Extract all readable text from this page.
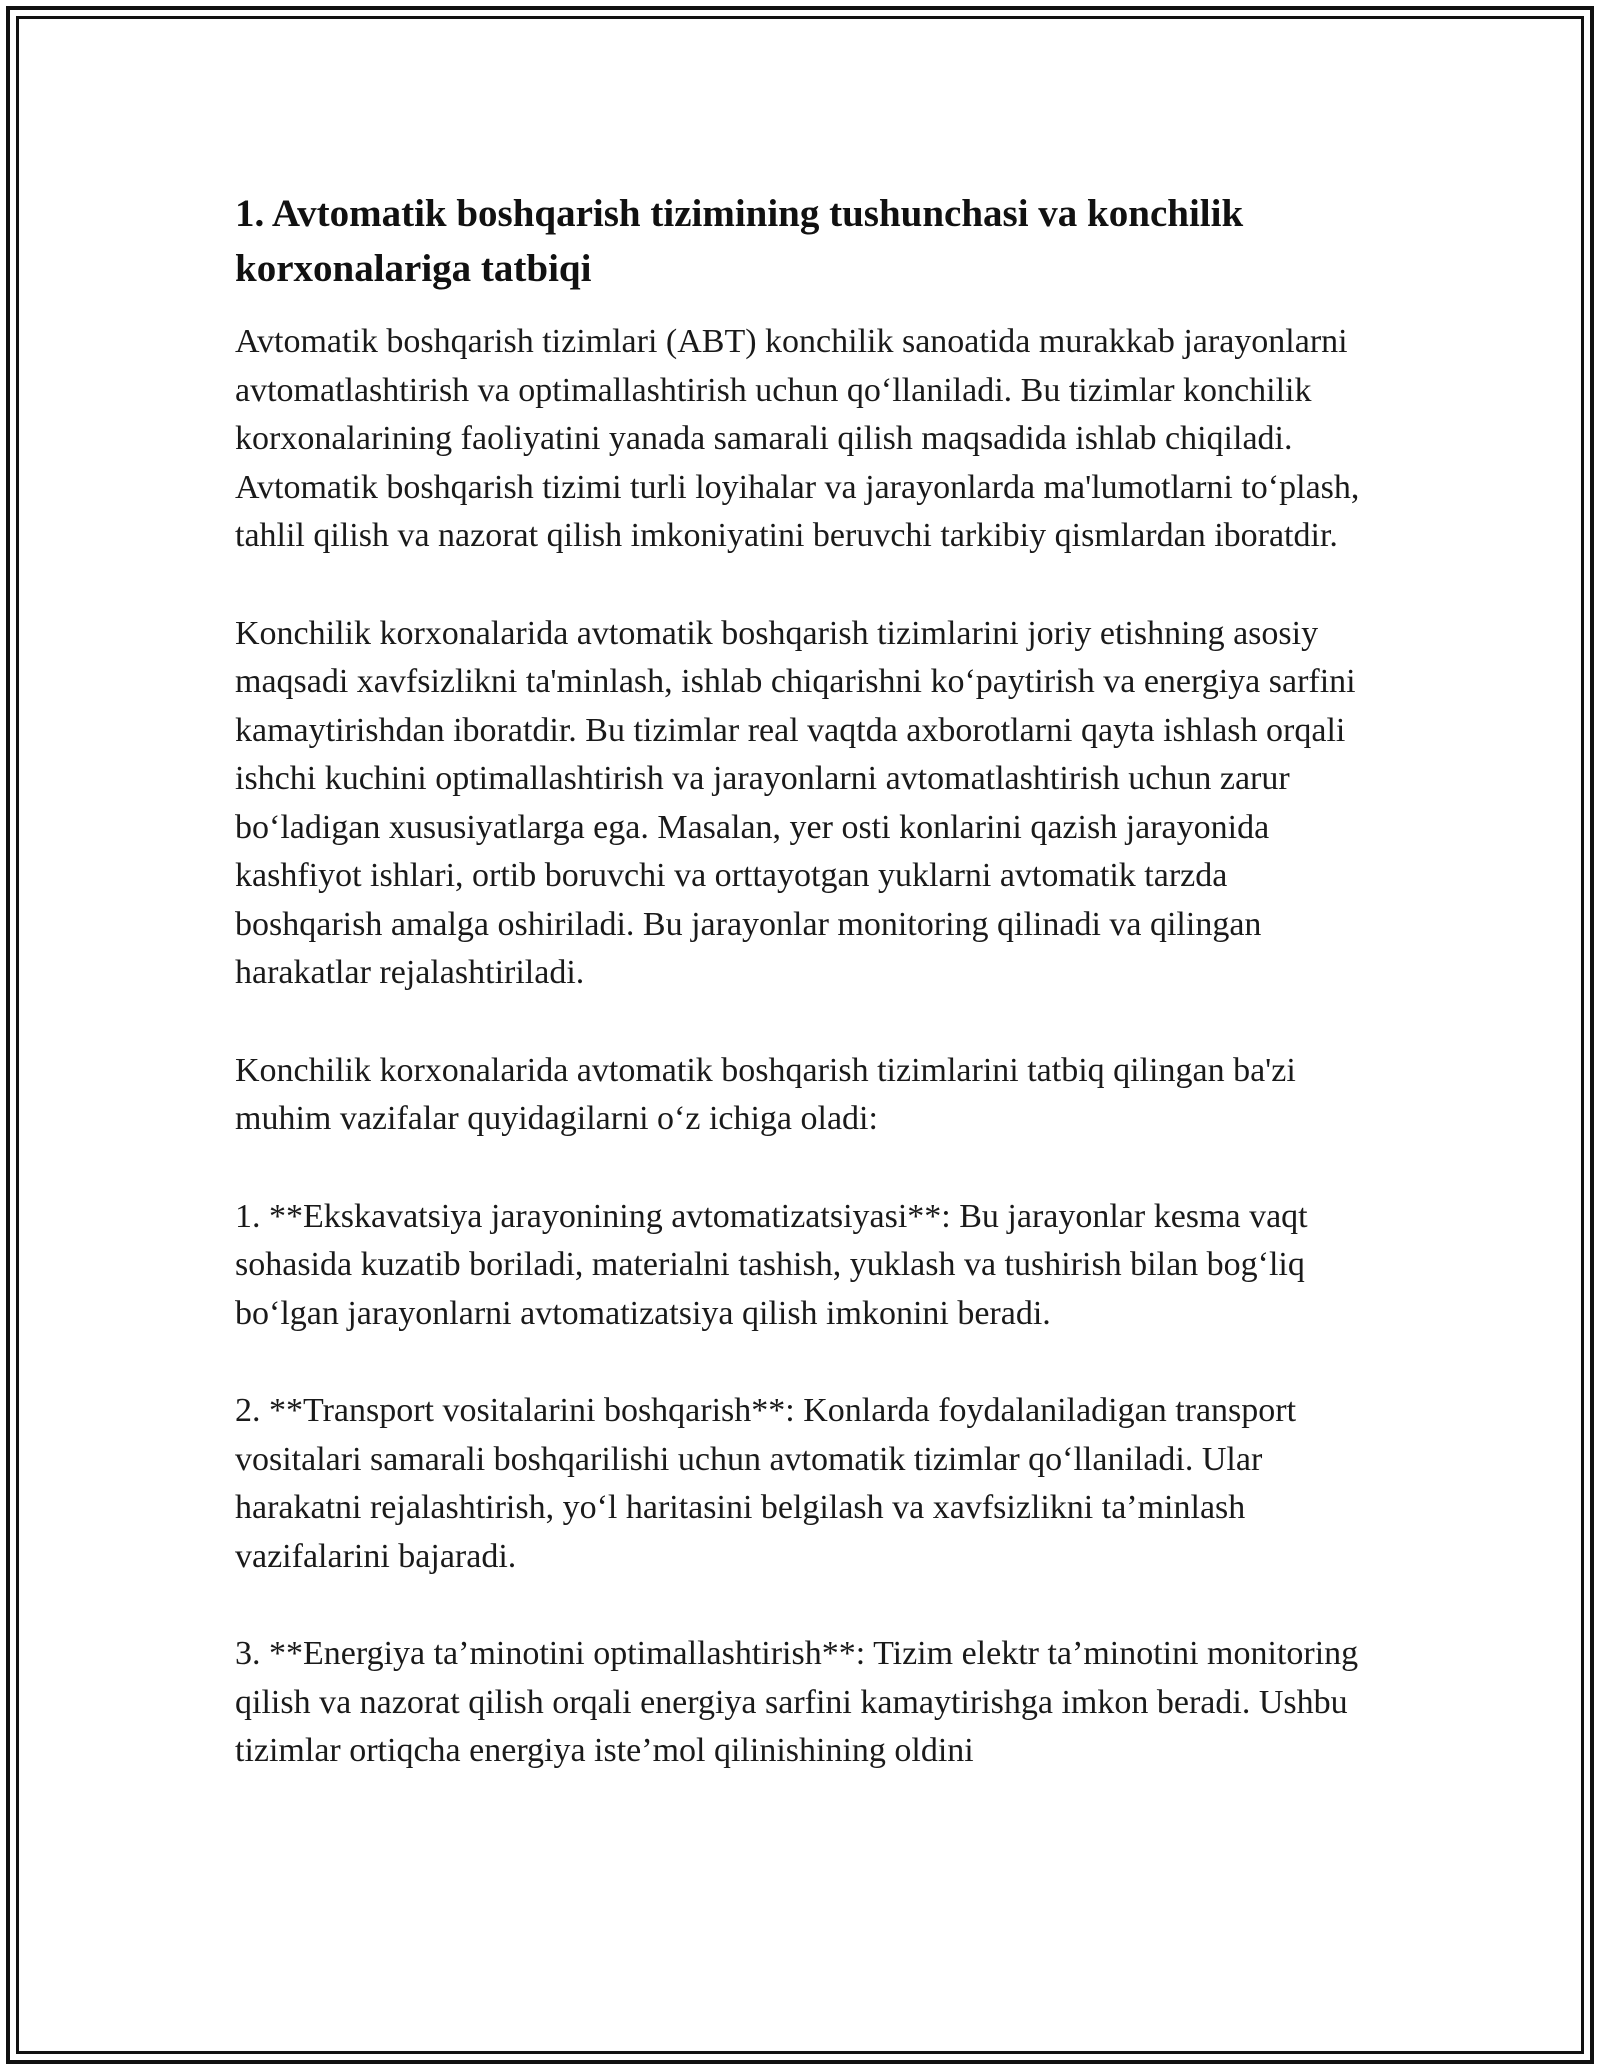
1. Avtomatik boshqarish tizimining tushunchasi va konchilik korxonalariga tatbiqi

Avtomatik boshqarish tizimlari (ABT) konchilik sanoatida murakkab jarayonlarni avtomatlashtirish va optimallashtirish uchun qo‘llaniladi. Bu tizimlar konchilik korxonalarining faoliyatini yanada samarali qilish maqsadida ishlab chiqiladi. Avtomatik boshqarish tizimi turli loyihalar va jarayonlarda ma'lumotlarni to‘plash, tahlil qilish va nazorat qilish imkoniyatini beruvchi tarkibiy qismlardan iboratdir.

Konchilik korxonalarida avtomatik boshqarish tizimlarini joriy etishning asosiy maqsadi xavfsizlikni ta'minlash, ishlab chiqarishni ko‘paytirish va energiya sarfini kamaytirishdan iboratdir. Bu tizimlar real vaqtda axborotlarni qayta ishlash orqali ishchi kuchini optimallashtirish va jarayonlarni avtomatlashtirish uchun zarur bo‘ladigan xususiyatlarga ega. Masalan, yer osti konlarini qazish jarayonida kashfiyot ishlari, ortib boruvchi va orttayotgan yuklarni avtomatik tarzda boshqarish amalga oshiriladi. Bu jarayonlar monitoring qilinadi va qilingan harakatlar rejalashtiriladi.

Konchilik korxonalarida avtomatik boshqarish tizimlarini tatbiq qilingan ba'zi muhim vazifalar quyidagilarni o‘z ichiga oladi:

1. **Ekskavatsiya jarayonining avtomatizatsiyasi**: Bu jarayonlar kesma vaqt sohasida kuzatib boriladi, materialni tashish, yuklash va tushirish bilan bog‘liq bo‘lgan jarayonlarni avtomatizatsiya qilish imkonini beradi.

2. **Transport vositalarini boshqarish**: Konlarda foydalaniladigan transport vositalari samarali boshqarilishi uchun avtomatik tizimlar qo‘llaniladi. Ular harakatni rejalashtirish, yo‘l haritasini belgilash va xavfsizlikni ta’minlash vazifalarini bajaradi.

3. **Energiya ta’minotini optimallashtirish**: Tizim elektr ta’minotini monitoring qilish va nazorat qilish orqali energiya sarfini kamaytirishga imkon beradi. Ushbu tizimlar ortiqcha energiya iste’mol qilinishining oldini
